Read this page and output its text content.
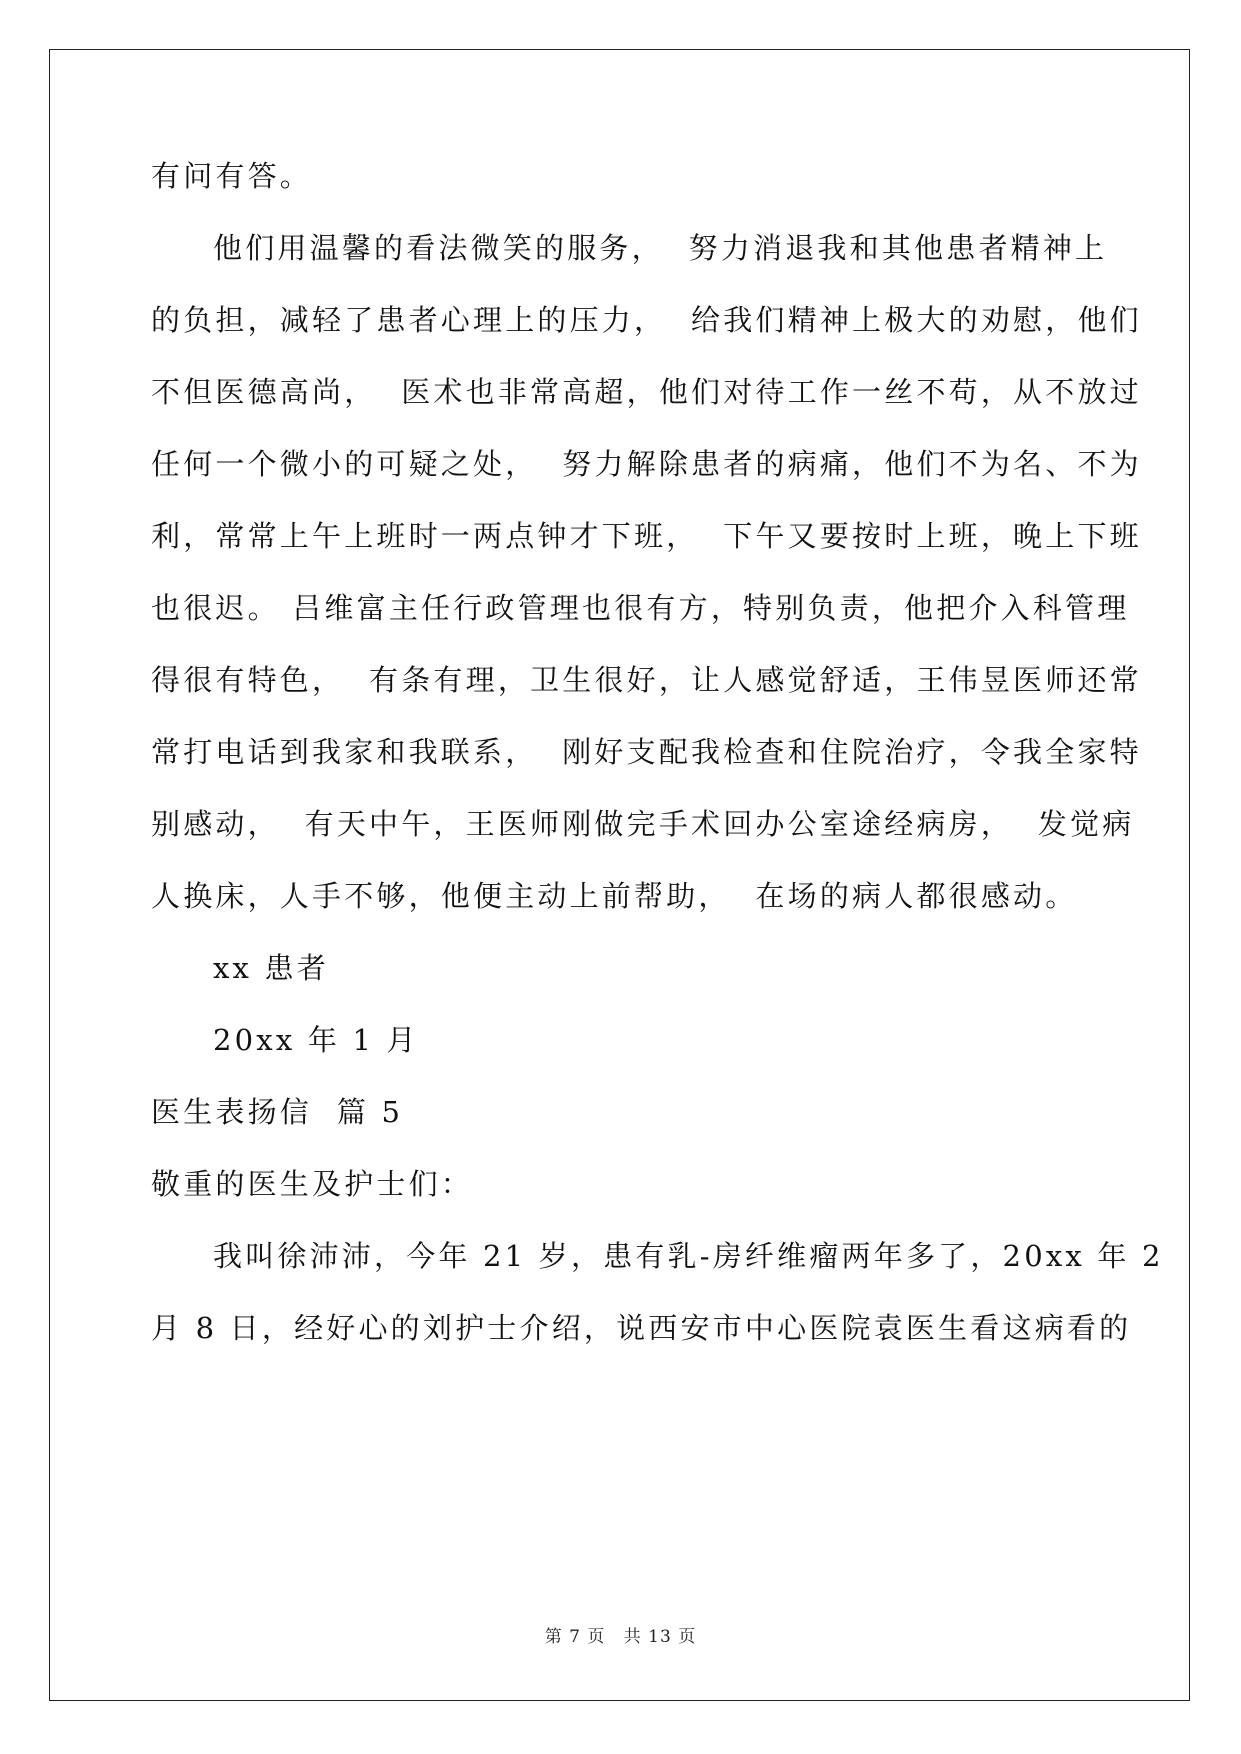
有问有答。
他们用温馨的看法微笑的服务，  努力消退我和其他患者精神上
的负担，减轻了患者心理上的压力，  给我们精神上极大的劝慰，他们
不但医德高尚，  医术也非常高超，他们对待工作一丝不苟，从不放过
任何一个微小的可疑之处，  努力解除患者的病痛，他们不为名、不为
利，常常上午上班时一两点钟才下班，  下午又要按时上班，晚上下班
也很迟。 吕维富主任行政管理也很有方，特别负责，他把介入科管理
得很有特色，  有条有理，卫生很好，让人感觉舒适，王伟昱医师还常
常打电话到我家和我联系，  刚好支配我检查和住院治疗，令我全家特
别感动，  有天中午，王医师刚做完手术回办公室途经病房，  发觉病
人换床，人手不够，他便主动上前帮助，  在场的病人都很感动。
xx 患者
20xx 年 1 月
医生表扬信  篇 5
敬重的医生及护士们：
我叫徐沛沛，今年 21 岁，患有乳-房纤维瘤两年多了，20xx 年 2
月 8 日，经好心的刘护士介绍，说西安市中心医院袁医生看这病看的
第 7 页 共 13 页
